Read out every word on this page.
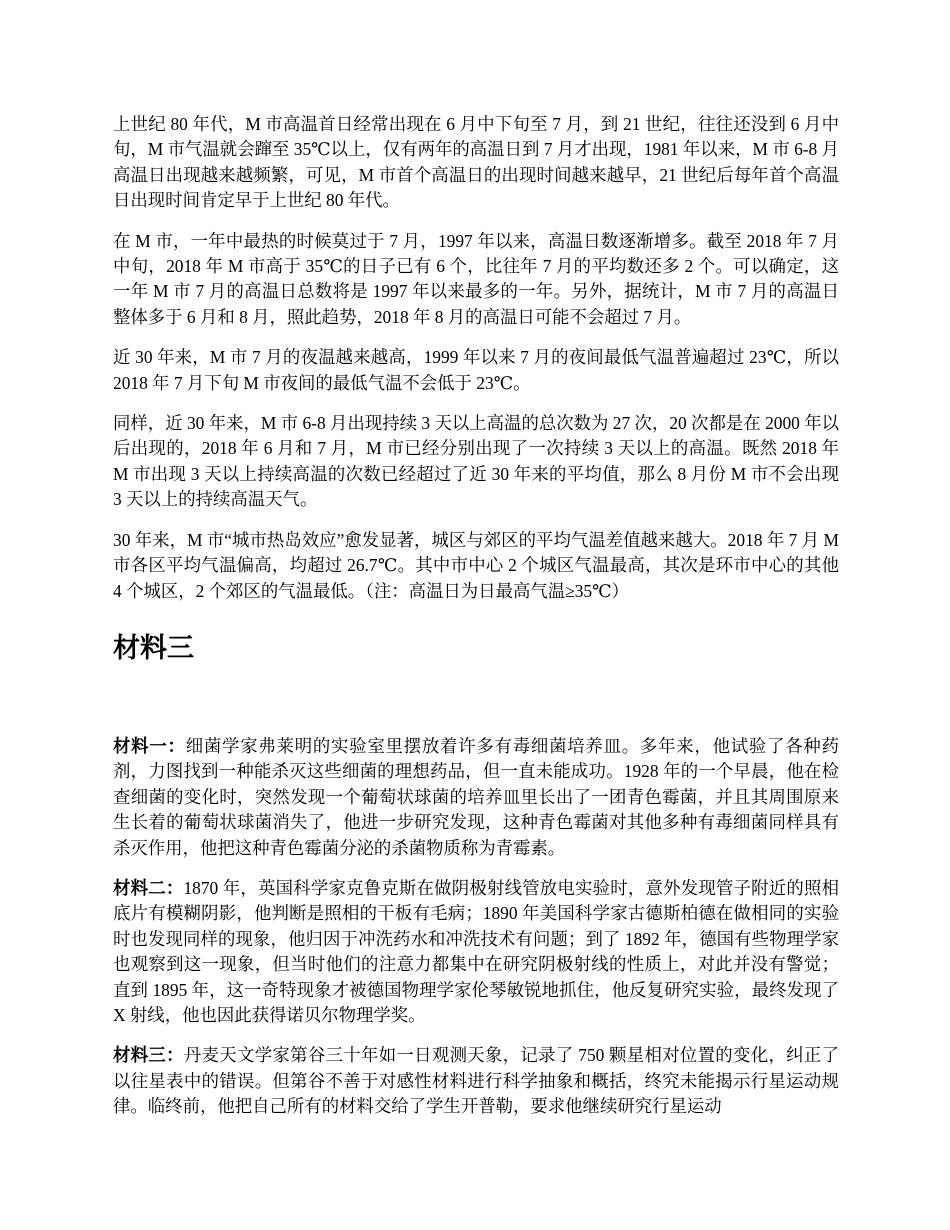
上世纪 80 年代，M 市高温首日经常出现在 6 月中下旬至 7 月，到 21 世纪，往往还没到 6 月中旬，M 市气温就会蹿至 35℃以上，仅有两年的高温日到 7 月才出现，1981 年以来，M 市 6-8 月高温日出现越来越频繁，可见，M 市首个高温日的出现时间越来越早，21 世纪后每年首个高温日出现时间肯定早于上世纪 80 年代。

在 M 市，一年中最热的时候莫过于 7 月，1997 年以来，高温日数逐渐增多。截至 2018 年 7 月中旬，2018 年 M 市高于 35℃的日子已有 6 个，比往年 7 月的平均数还多 2 个。可以确定，这一年 M 市 7 月的高温日总数将是 1997 年以来最多的一年。另外，据统计，M 市 7 月的高温日整体多于 6 月和 8 月，照此趋势，2018 年 8 月的高温日可能不会超过 7 月。

近 30 年来，M 市 7 月的夜温越来越高，1999 年以来 7 月的夜间最低气温普遍超过 23℃，所以 2018 年 7 月下旬 M 市夜间的最低气温不会低于 23℃。

同样，近 30 年来，M 市 6-8 月出现持续 3 天以上高温的总次数为 27 次，20 次都是在 2000 年以后出现的，2018 年 6 月和 7 月，M 市已经分别出现了一次持续 3 天以上的高温。既然 2018 年 M 市出现 3 天以上持续高温的次数已经超过了近 30 年来的平均值，那么 8 月份 M 市不会出现 3 天以上的持续高温天气。

30 年来，M 市“城市热岛效应”愈发显著，城区与郊区的平均气温差值越来越大。2018 年 7 月 M 市各区平均气温偏高，均超过 26.7℃。其中市中心 2 个城区气温最高，其次是环市中心的其他 4 个城区，2 个郊区的气温最低。（注：高温日为日最高气温≥35℃）

材料三

材料一：细菌学家弗莱明的实验室里摆放着许多有毒细菌培养皿。多年来，他试验了各种药剂，力图找到一种能杀灭这些细菌的理想药品，但一直未能成功。1928 年的一个早晨，他在检查细菌的变化时，突然发现一个葡萄状球菌的培养皿里长出了一团青色霉菌，并且其周围原来生长着的葡萄状球菌消失了，他进一步研究发现，这种青色霉菌对其他多种有毒细菌同样具有杀灭作用，他把这种青色霉菌分泌的杀菌物质称为青霉素。

材料二：1870 年，英国科学家克鲁克斯在做阴极射线管放电实验时，意外发现管子附近的照相底片有模糊阴影，他判断是照相的干板有毛病；1890 年美国科学家古德斯柏德在做相同的实验时也发现同样的现象，他归因于冲洗药水和冲洗技术有问题；到了 1892 年，德国有些物理学家也观察到这一现象，但当时他们的注意力都集中在研究阴极射线的性质上，对此并没有警觉；直到 1895 年，这一奇特现象才被德国物理学家伦琴敏锐地抓住，他反复研究实验，最终发现了 X 射线，他也因此获得诺贝尔物理学奖。

材料三：丹麦天文学家第谷三十年如一日观测天象，记录了 750 颗星相对位置的变化，纠正了以往星表中的错误。但第谷不善于对感性材料进行科学抽象和概括，终究未能揭示行星运动规律。临终前，他把自己所有的材料交给了学生开普勒，要求他继续研究行星运动
